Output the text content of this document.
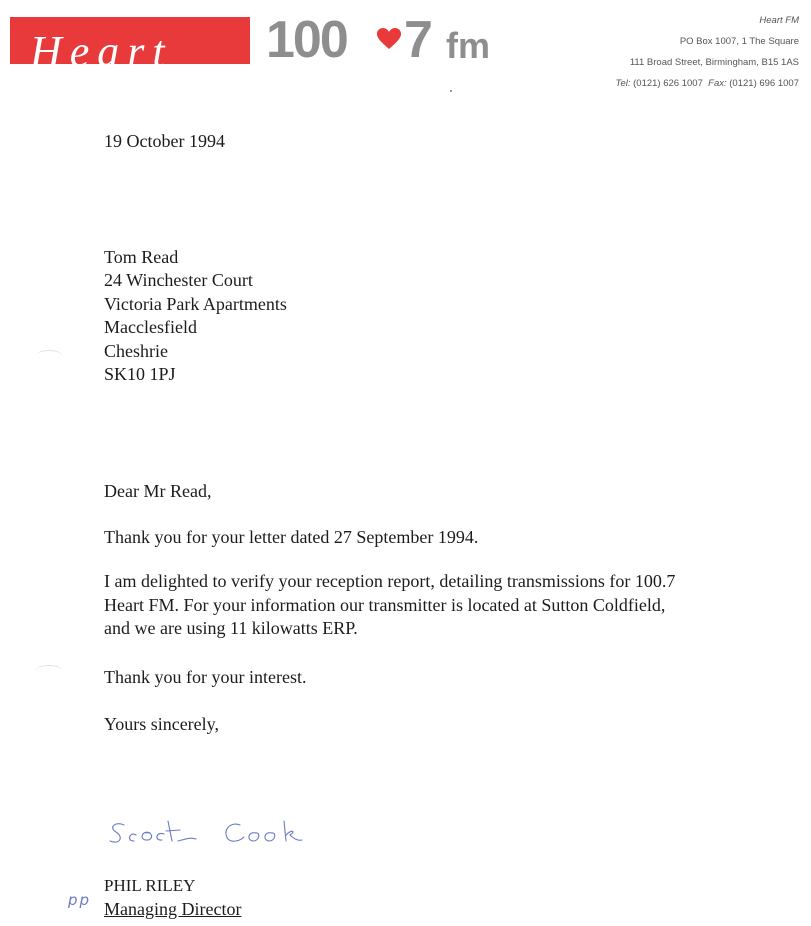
Heart 100 7 fm
Heart FM
PO Box 1007, 1 The Square
111 Broad Street, Birmingham, B15 1AS
Tel: (0121) 626 1007 Fax: (0121) 696 1007
19 October 1994
Tom Read
24 Winchester Court
Victoria Park Apartments
Macclesfield
Cheshrie
SK10 1PJ
Dear Mr Read,
Thank you for your letter dated 27 September 1994.
I am delighted to verify your reception report, detailing transmissions for 100.7
Heart FM. For your information our transmitter is located at Sutton Coldfield,
and we are using 11 kilowatts ERP.
Thank you for your interest.
Yours sincerely,
pp
PHIL RILEY
Managing Director
